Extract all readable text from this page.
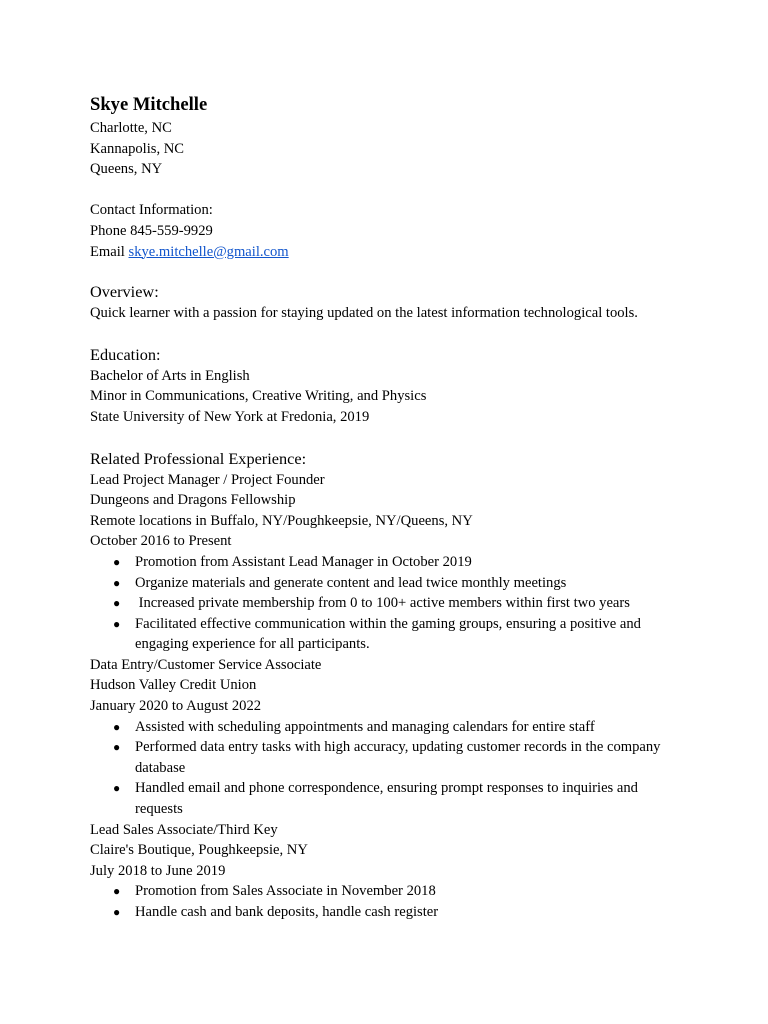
Skye Mitchelle
Charlotte, NC
Kannapolis, NC
Queens, NY
Contact Information:
Phone 845-559-9929
Email skye.mitchelle@gmail.com
Overview:
Quick learner with a passion for staying updated on the latest information technological tools.
Education:
Bachelor of Arts in English
Minor in Communications, Creative Writing, and Physics
State University of New York at Fredonia, 2019
Related Professional Experience:
Lead Project Manager / Project Founder
Dungeons and Dragons Fellowship
Remote locations in Buffalo, NY/Poughkeepsie, NY/Queens, NY
October 2016 to Present
● Promotion from Assistant Lead Manager in October 2019
● Organize materials and generate content and lead twice monthly meetings
● Increased private membership from 0 to 100+ active members within first two years
● Facilitated effective communication within the gaming groups, ensuring a positive and engaging experience for all participants.
Data Entry/Customer Service Associate
Hudson Valley Credit Union
January 2020 to August 2022
● Assisted with scheduling appointments and managing calendars for entire staff
● Performed data entry tasks with high accuracy, updating customer records in the company database
● Handled email and phone correspondence, ensuring prompt responses to inquiries and requests
Lead Sales Associate/Third Key
Claire's Boutique, Poughkeepsie, NY
July 2018 to June 2019
● Promotion from Sales Associate in November 2018
● Handle cash and bank deposits, handle cash register
